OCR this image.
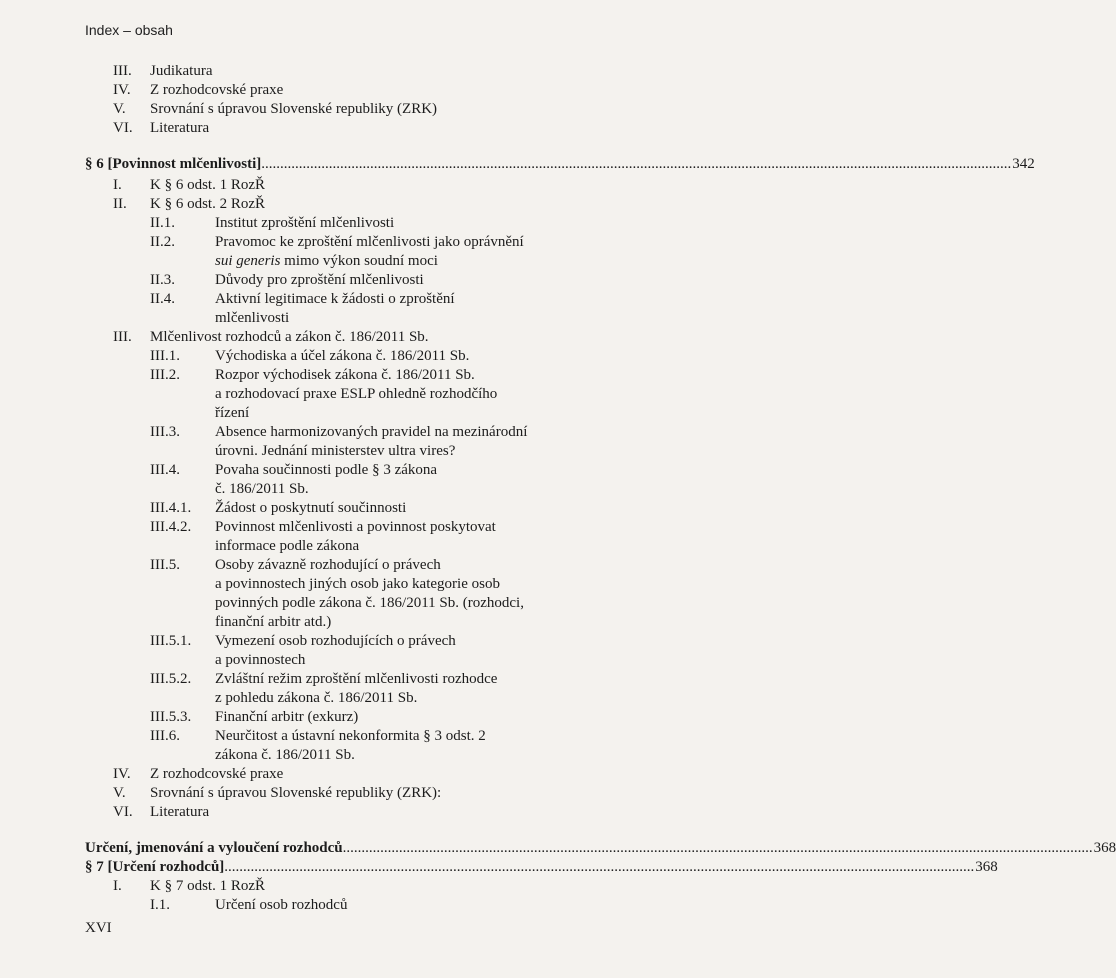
Index – obsah
III. Judikatura
IV. Z rozhodcovské praxe
V. Srovnání s úpravou Slovenské republiky (ZRK)
VI. Literatura
§ 6 [Povinnost mlčenlivosti] ........................................................................................................................................................................................................ 342
I. K § 6 odst. 1 RozŘ
II. K § 6 odst. 2 RozŘ
II.1.	Institut zproštění mlčenlivosti
II.2.	Pravomoc ke zproštění mlčenlivosti jako oprávnění
sui generis mimo výkon soudní moci
II.3.	Důvody pro zproštění mlčenlivosti
II.4.	Aktivní legitimace k žádosti o zproštění
mlčenlivosti
III. Mlčenlivost rozhodců a zákon č. 186/2011 Sb.
III.1. Východiska a účel zákona č. 186/2011 Sb.
III.2. Rozpor východisek zákona č. 186/2011 Sb.
a rozhodovací praxe ESLP ohledně rozhodčího
řízení
III.3. Absence harmonizovaných pravidel na mezinárodní
úrovni. Jednání ministerstev ultra vires?
III.4. Povaha součinnosti podle § 3 zákona
č. 186/2011 Sb.
III.4.1. Žádost o poskytnutí součinnosti
III.4.2. Povinnost mlčenlivosti a povinnost poskytovat
informace podle zákona
III.5. Osoby závazně rozhodující o právech
a povinnostech jiných osob jako kategorie osob
povinných podle zákona č. 186/2011 Sb. (rozhodci,
finanční arbitr atd.)
III.5.1. Vymezení osob rozhodujících o právech
a povinnostech
III.5.2. Zvláštní režim zproštění mlčenlivosti rozhodce
z pohledu zákona č. 186/2011 Sb.
III.5.3. Finanční arbitr (exkurz)
III.6. Neurčitost a ústavní nekonformita § 3 odst. 2
zákona č. 186/2011 Sb.
IV. Z rozhodcovské praxe
V. Srovnání s úpravou Slovenské republiky (ZRK):
VI. Literatura
Určení, jmenování a vyloučení rozhodců ........................................................................................................................................................................................................ 368
§ 7 [Určení rozhodců] ........................................................................................................................................................................................................ 368
I. K § 7 odst. 1 RozŘ
I.1.	Určení osob rozhodců
XVI
